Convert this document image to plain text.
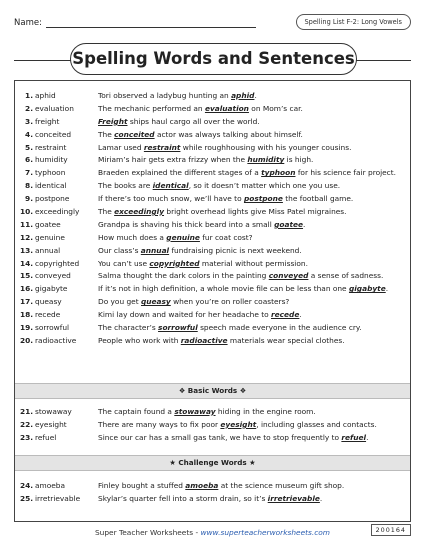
Name:	Spelling List F-2: Long Vowels
Spelling Words and Sentences
1. aphid	Tori observed a ladybug hunting an aphid.
2. evaluation	The mechanic performed an evaluation on Mom’s car.
3. freight	Freight ships haul cargo all over the world.
4. conceited	The conceited actor was always talking about himself.
5. restraint	Lamar used restraint while roughhousing with his younger cousins.
6. humidity	Miriam’s hair gets extra frizzy when the humidity is high.
7. typhoon	Braeden explained the different stages of a typhoon for his science fair project.
8. identical	The books are identical, so it doesn’t matter which one you use.
9. postpone	If there’s too much snow, we’ll have to postpone the football game.
10. exceedingly	The exceedingly bright overhead lights give Miss Patel migraines.
11. goatee	Grandpa is shaving his thick beard into a small goatee.
12. genuine	How much does a genuine fur coat cost?
13. annual	Our class’s annual fundraising picnic is next weekend.
14. copyrighted	You can’t use copyrighted material without permission.
15. conveyed	Salma thought the dark colors in the painting conveyed a sense of sadness.
16. gigabyte	If it’s not in high definition, a whole movie file can be less than one gigabyte.
17. queasy	Do you get queasy when you’re on roller coasters?
18. recede	Kimi lay down and waited for her headache to recede.
19. sorrowful	The character’s sorrowful speech made everyone in the audience cry.
20. radioactive	People who work with radioactive materials wear special clothes.
❖ Basic Words ❖
21. stowaway	The captain found a stowaway hiding in the engine room.
22. eyesight	There are many ways to fix poor eyesight, including glasses and contacts.
23. refuel	Since our car has a small gas tank, we have to stop frequently to refuel.
★ Challenge Words ★
24. amoeba	Finley bought a stuffed amoeba at the science museum gift shop.
25. irretrievable	Skylar’s quarter fell into a storm drain, so it’s irretrievable.
Super Teacher Worksheets - www.superteacherworksheets.com	200164
